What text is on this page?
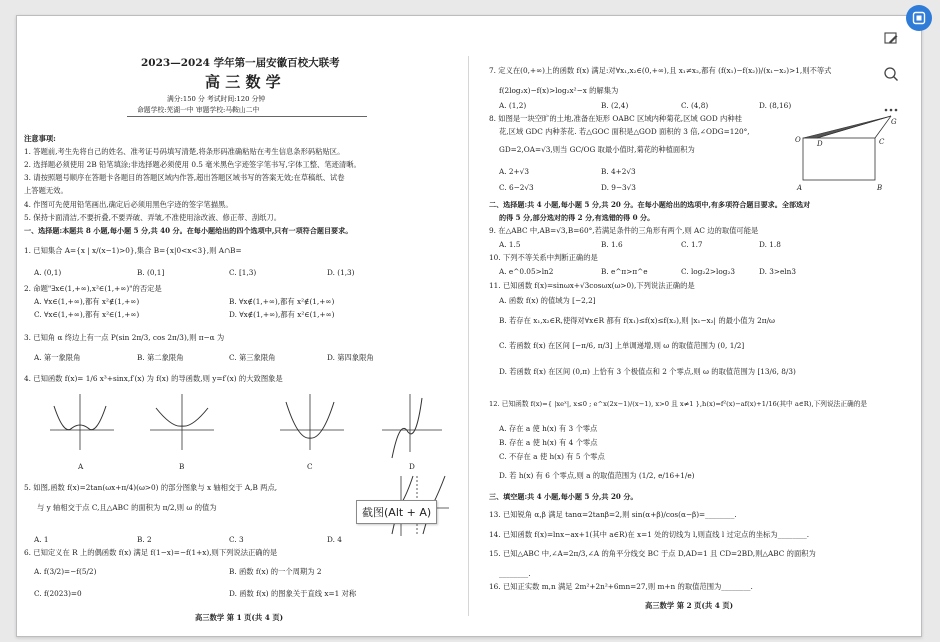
2023—2024 学年第一届安徽百校大联考
高 三 数 学
满分:150 分 考试时间:120 分钟
命题学校:芜湖一中 审题学校:马鞍山二中
注意事项:
1. 答题前,考生先将自己的姓名、准考证号码填写清楚,将条形码准确粘贴在考生信息条形码粘贴区。
2. 选择题必须使用 2B 铅笔填涂;非选择题必须使用 0.5 毫米黑色字迹签字笔书写,字体工整、笔迹清晰。
3. 请按照题号顺序在答题卡各题目的答题区域内作答,超出答题区域书写的答案无效;在草稿纸、试卷
上答题无效。
4. 作图可先使用铅笔画出,确定后必须用黑色字迹的签字笔描黑。
5. 保持卡面清洁,不要折叠,不要弄破、弄皱,不准使用涂改液、修正带、刮纸刀。
一、选择题:本题共 8 小题,每小题 5 分,共 40 分。在每小题给出的四个选项中,只有一项符合题目要求。
1. 已知集合 A={x | x/(x−1)>0},集合 B={x|0<x<3},则 A∩B=
A. (0,1)	B. (0,1]	C. [1,3)	D. (1,3)
2. 命题"∃x∈(1,+∞),x²∈(1,+∞)"的否定是
A. ∀x∈(1,+∞),都有 x²∉(1,+∞)	B. ∀x∉(1,+∞),都有 x²∉(1,+∞)
C. ∀x∈(1,+∞),都有 x²∈(1,+∞)	D. ∀x∉(1,+∞),都有 x²∈(1,+∞)
3. 已知角 α 终边上有一点 P(sin 2π/3, cos 2π/3),则 π−α 为
A. 第一象限角	B. 第二象限角	C. 第三象限角	D. 第四象限角
4. 已知函数 f(x)= 1/6 x³+sinx,f′(x) 为 f(x) 的导函数,则 y=f′(x) 的大致图象是
A	B	C	D
5. 如图,函数 f(x)=2tan(ωx+π/4)(ω>0) 的部分图象与 x 轴相交于 A,B 两点,
与 y 轴相交于点 C,且△ABC 的面积为 π/2,则 ω 的值为
A. 1	B. 2	C. 3	D. 4
6. 已知定义在 R 上的偶函数 f(x) 满足 f(1−x)=−f(1+x),则下列说法正确的是
A. f(3/2)=−f(5/2)	B. 函数 f(x) 的一个周期为 2
C. f(2023)=0	D. 函数 f(x) 的图象关于直线 x=1 对称
高三数学 第 1 页(共 4 页)
7. 定义在(0,+∞)上的函数 f(x) 满足:对∀x₁,x₂∈(0,+∞),且 x₁≠x₂,都有 (f(x₁)−f(x₂))/(x₁−x₂)>1,则不等式
f(2log₂x)−f(x)>log₂x²−x 的解集为
A. (1,2)	B. (2,4)	C. (4,8)	D. (8,16)
8. 如图是一块空旷的土地,准备在矩形 OABC 区域内种菊花,区域 GOD 内种桂
花,区域 GDC 内种茶花. 若△GOC 面积是△GOD 面积的 3 倍,∠ODG=120°,
GD=2,OA=√3,则当 GC/OG 取最小值时,菊花的种植面积为
A. 2+√3	B. 4+2√3
C. 6−2√3	D. 9−3√3
G
D	C
O
A	B
二、选择题:共 4 小题,每小题 5 分,共 20 分。在每小题给出的选项中,有多项符合题目要求。全部选对
的得 5 分,部分选对的得 2 分,有选错的得 0 分。
9. 在△ABC 中,AB=√3,B=60°,若满足条件的三角形有两个,则 AC 边的取值可能是
A. 1.5	B. 1.6	C. 1.7	D. 1.8
10. 下列不等关系中判断正确的是
A. e^0.05>ln2	B. e^π>π^e	C. log₂2>log₂3	D. 3>eln3
11. 已知函数 f(x)=sinωx+√3cosωx(ω>0),下列说法正确的是
A. 函数 f(x) 的值域为 [−2,2]
B. 若存在 x₁,x₂∈R,使得对∀x∈R 都有 f(x₁)≤f(x)≤f(x₂),则 |x₁−x₂| 的最小值为 2π/ω
C. 若函数 f(x) 在区间 [−π/6, π/3] 上单调递增,则 ω 的取值范围为 (0, 1/2]
D. 若函数 f(x) 在区间 (0,π) 上恰有 3 个极值点和 2 个零点,则 ω 的取值范围为 [13/6, 8/3)
12. 已知函数 f(x)={ |xeˣ|, x≤0 ; e^x(2x−1)/(x−1), x>0 且 x≠1 },h(x)=f²(x)−af(x)+1/16(其中 a∈R),下列说法正确的是
A. 存在 a 使 h(x) 有 3 个零点
B. 存在 a 使 h(x) 有 4 个零点
C. 不存在 a 使 h(x) 有 5 个零点
D. 若 h(x) 有 6 个零点,则 a 的取值范围为 (1/2, e/16+1/e)
三、填空题:共 4 小题,每小题 5 分,共 20 分。
13. 已知锐角 α,β 满足 tanα=2tanβ=2,则 sin(α+β)/cos(α−β)=________.
14. 已知函数 f(x)=lnx−ax+1(其中 a∈R)在 x=1 处的切线为 l,则直线 l 过定点的坐标为________.
15. 已知△ABC 中,∠A=2π/3,∠A 的角平分线交 BC 于点 D,AD=1 且 CD=2BD,则△ABC 的面积为
________.
16. 已知正实数 m,n 满足 2m²+2n²+6mn=27,则 m+n 的取值范围为________.
高三数学 第 2 页(共 4 页)
截图(Alt + A)
